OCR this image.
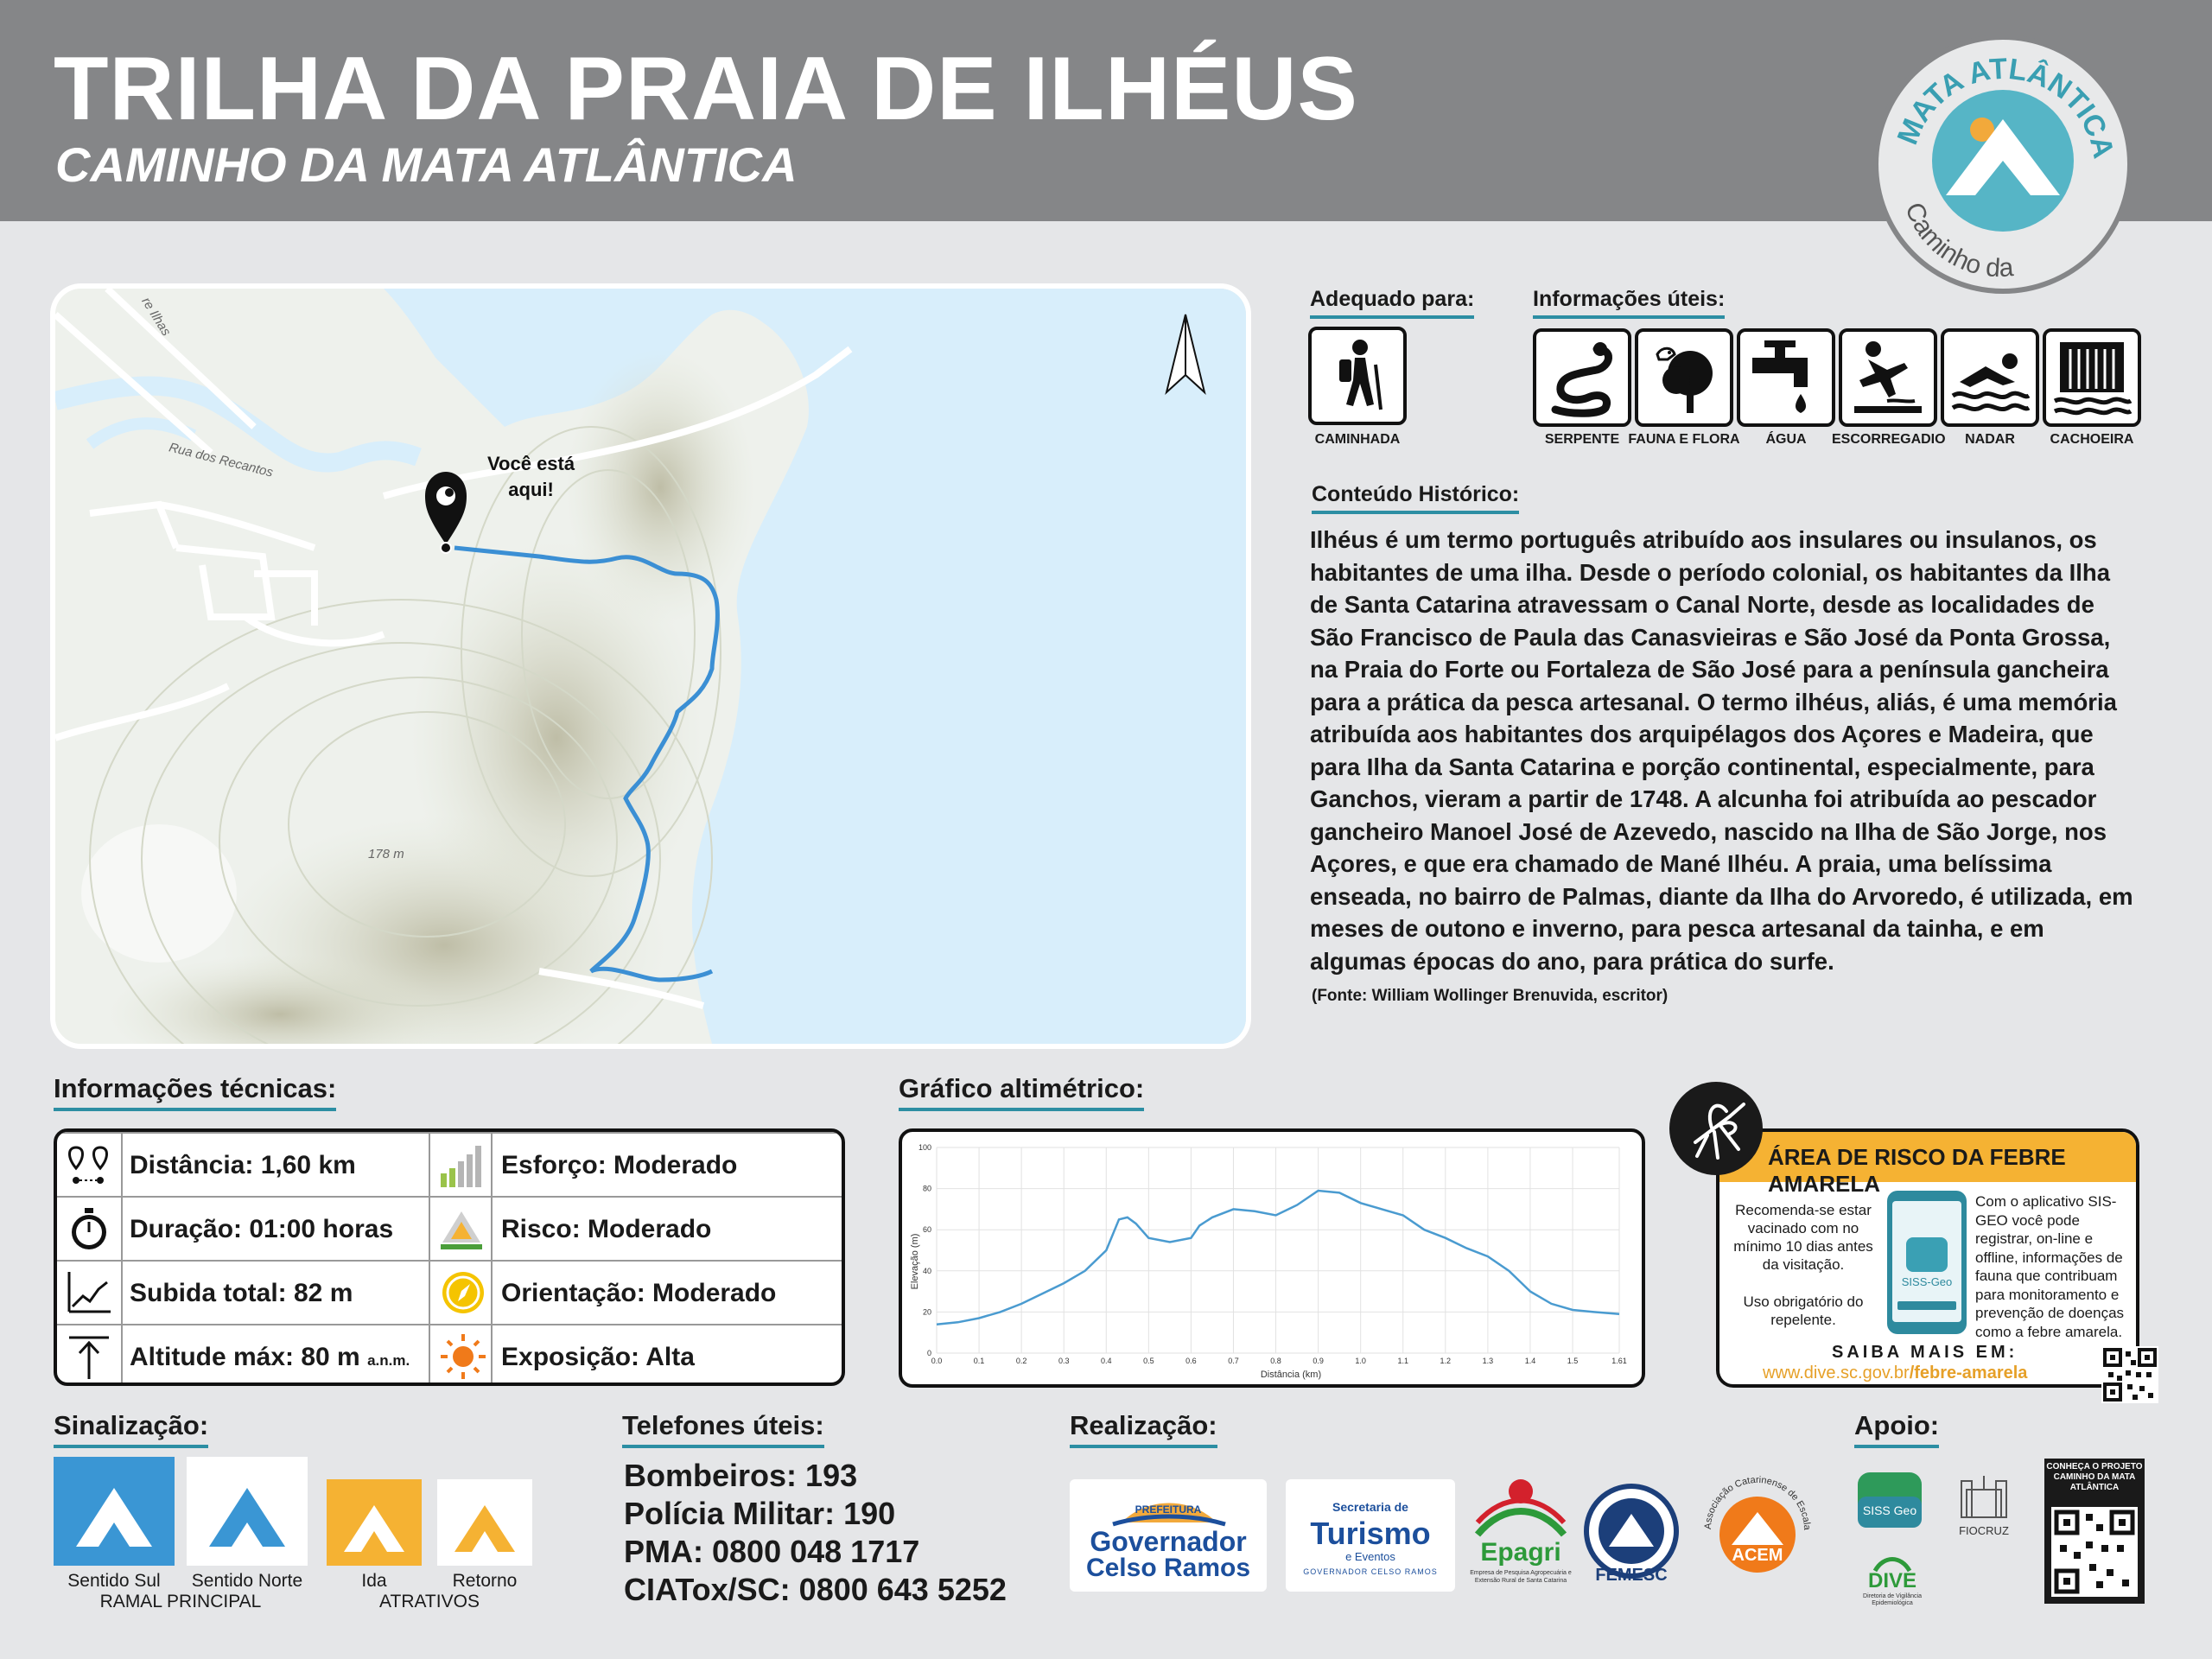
TRILHA DA PRAIA DE ILHÉUS
CAMINHO DA MATA ATLÂNTICA
MATA ATLÂNTICA
Caminho da
Você está
aqui!
Rua dos Recantos
re Ilhas
178 m
Adequado para:
CAMINHADA
Informações úteis:
SERPENTE FAUNA E FLORA	ÁGUA	ESCORREGADIO	NADAR	CACHOEIRA
Conteúdo Histórico:
Ilhéus é um termo português atribuído aos insulares ou insulanos, os habitantes de uma ilha. Desde o período colonial, os habitantes da Ilha de Santa Catarina atravessam o Canal Norte, desde as localidades de São Francisco de Paula das Canasvieiras e São José da Ponta Grossa, na Praia do Forte ou Fortaleza de São José para a península gancheira para a prática da pesca artesanal. O termo ilhéus, aliás, é uma memória atribuída aos habitantes dos arquipélagos dos Açores e Madeira, que para Ilha da Santa Catarina e porção continental, especialmente, para Ganchos, vieram a partir de 1748. A alcunha foi atribuída ao pescador gancheiro Manoel José de Azevedo, nascido na Ilha de São Jorge, nos Açores, e que era chamado de Mané Ilhéu. A praia, uma belíssima enseada, no bairro de Palmas, diante da Ilha do Arvoredo, é utilizada, em meses de outono e inverno, para pesca artesanal da tainha, e em algumas épocas do ano, para prática do surfe.
(Fonte: William Wollinger Brenuvida, escritor)
Informações técnicas:
Distância: 1,60 km	Esforço: Moderado
Duração: 01:00 horas	Risco: Moderado
Subida total: 82 m	Orientação: Moderado
Altitude máx: 80 m a.n.m.	Exposição: Alta
Gráfico altimétrico:
0
20
40
60
80
100
0.0	0.1	0.2	0.3	0.4	0.5	0.6	0.7	0.8	0.9	1.0	1.1	1.2	1.3	1.4	1.5	1.61
Distância (km)
Elevação (m)
ÁREA DE RISCO DA FEBRE AMARELA
Recomenda-se estar vacinado com no mínimo 10 dias antes da visitação.
Uso obrigatório do repelente.
SISS-Geo
Com o aplicativo SIS-GEO você pode registrar, on-line e offline, informações de fauna que contribuam para monitoramento e prevenção de doenças como a febre amarela.
SAIBA MAIS EM:
www.dive.sc.gov.br/febre-amarela
Sinalização:
Sentido Sul	Sentido Norte
RAMAL PRINCIPAL
Ida	Retorno
ATRATIVOS
Telefones úteis:
Bombeiros: 193
Polícia Militar: 190
PMA: 0800 048 1717
CIATox/SC: 0800 643 5252
Realização:
PREFEITURA
Governador
Celso Ramos
Secretaria de
Turismo
e Eventos
GOVERNADOR CELSO RAMOS
Epagri
Empresa de Pesquisa Agropecuária e Extensão Rural de Santa Catarina	FEMESC
Associação Catarinense de Escala
ACEM
Apoio:
SISS Geo
FIOCRUZ
DIVE
Diretoria de Vigilância Epidemiológica
CONHEÇA O PROJETO
CAMINHO DA MATA
ATLÂNTICA
